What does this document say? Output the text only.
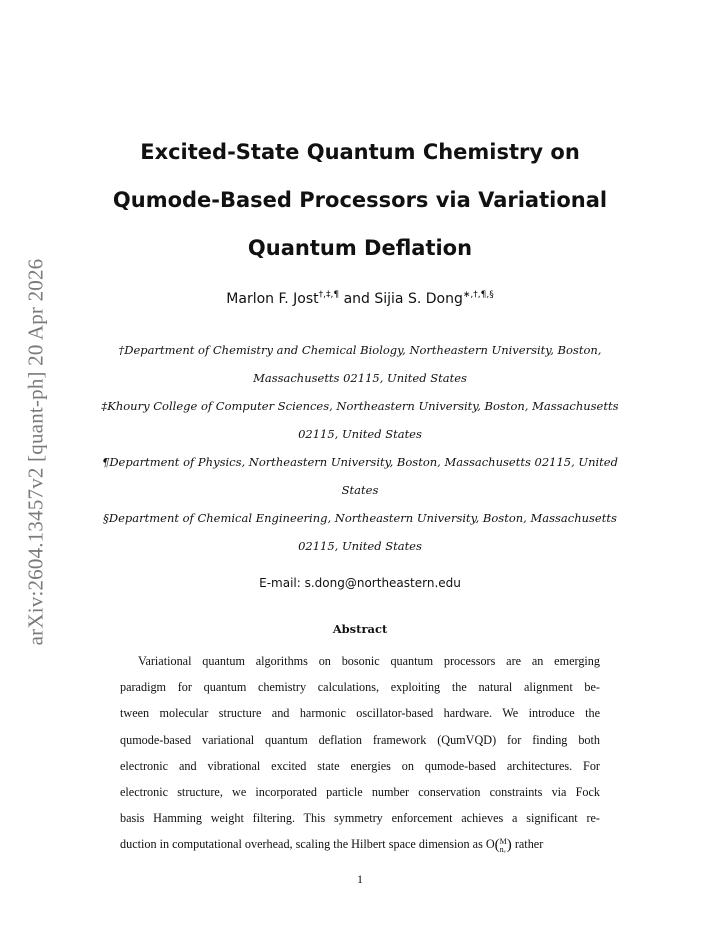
arXiv:2604.13457v2 [quant-ph] 20 Apr 2026
Excited-State Quantum Chemistry on
Qumode-Based Processors via Variational
Quantum Deflation
Marlon F. Jost†,‡,¶ and Sijia S. Dong∗,†,¶,§
†Department of Chemistry and Chemical Biology, Northeastern University, Boston,
Massachusetts 02115, United States
‡Khoury College of Computer Sciences, Northeastern University, Boston, Massachusetts
02115, United States
¶Department of Physics, Northeastern University, Boston, Massachusetts 02115, United
States
§Department of Chemical Engineering, Northeastern University, Boston, Massachusetts
02115, United States
E-mail: s.dong@northeastern.edu
Abstract
Variational quantum algorithms on bosonic quantum processors are an emerging
paradigm for quantum chemistry calculations, exploiting the natural alignment be-
tween molecular structure and harmonic oscillator-based hardware. We introduce the
qumode-based variational quantum deflation framework (QumVQD) for finding both
electronic and vibrational excited state energies on qumode-based architectures. For
electronic structure, we incorporated particle number conservation constraints via Fock
basis Hamming weight filtering. This symmetry enforcement achieves a significant re-
duction in computational overhead, scaling the Hilbert space dimension as O(M
nₑ) rather
1
